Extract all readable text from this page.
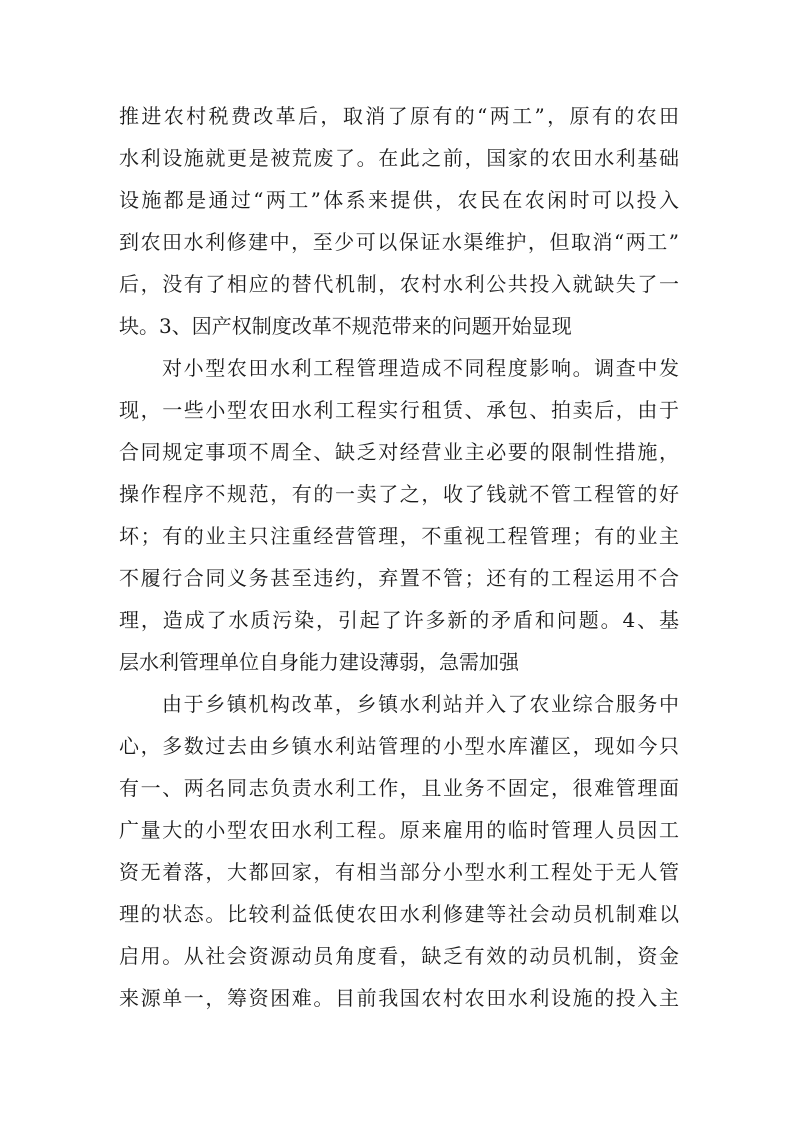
推进农村税费改革后，取消了原有的“两工”，原有的农田
水利设施就更是被荒废了。在此之前，国家的农田水利基础
设施都是通过“两工”体系来提供，农民在农闲时可以投入
到农田水利修建中，至少可以保证水渠维护，但取消“两工”
后，没有了相应的替代机制，农村水利公共投入就缺失了一
块。3、因产权制度改革不规范带来的问题开始显现
对小型农田水利工程管理造成不同程度影响。调查中发
现，一些小型农田水利工程实行租赁、承包、拍卖后，由于
合同规定事项不周全、缺乏对经营业主必要的限制性措施，
操作程序不规范，有的一卖了之，收了钱就不管工程管的好
坏；有的业主只注重经营管理，不重视工程管理；有的业主
不履行合同义务甚至违约，弃置不管；还有的工程运用不合
理，造成了水质污染，引起了许多新的矛盾和问题。4、基
层水利管理单位自身能力建设薄弱，急需加强
由于乡镇机构改革，乡镇水利站并入了农业综合服务中
心，多数过去由乡镇水利站管理的小型水库灌区，现如今只
有一、两名同志负责水利工作，且业务不固定，很难管理面
广量大的小型农田水利工程。原来雇用的临时管理人员因工
资无着落，大都回家，有相当部分小型水利工程处于无人管
理的状态。比较利益低使农田水利修建等社会动员机制难以
启用。从社会资源动员角度看，缺乏有效的动员机制，资金
来源单一，筹资困难。目前我国农村农田水利设施的投入主
